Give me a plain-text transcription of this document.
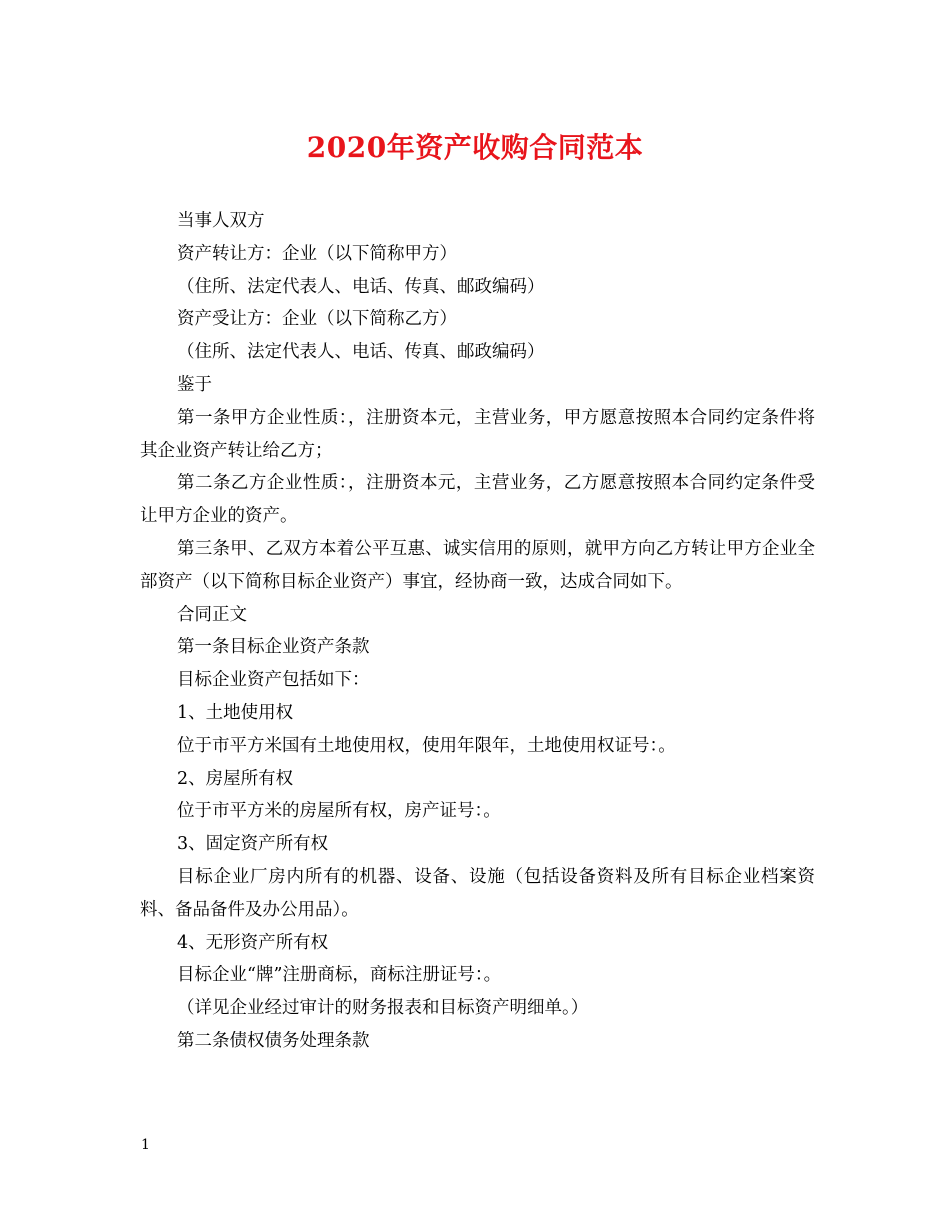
2020年资产收购合同范本

当事人双方

资产转让方：企业（以下简称甲方）

（住所、法定代表人、电话、传真、邮政编码）

资产受让方：企业（以下简称乙方）

（住所、法定代表人、电话、传真、邮政编码）

鉴于

第一条甲方企业性质：，注册资本元，主营业务，甲方愿意按照本合同约定条件将其企业资产转让给乙方；

第二条乙方企业性质：，注册资本元，主营业务，乙方愿意按照本合同约定条件受让甲方企业的资产。

第三条甲、乙双方本着公平互惠、诚实信用的原则，就甲方向乙方转让甲方企业全部资产（以下简称目标企业资产）事宜，经协商一致，达成合同如下。

合同正文

第一条目标企业资产条款

目标企业资产包括如下：

1、土地使用权

位于市平方米国有土地使用权，使用年限年，土地使用权证号：。

2、房屋所有权

位于市平方米的房屋所有权，房产证号：。

3、固定资产所有权

目标企业厂房内所有的机器、设备、设施（包括设备资料及所有目标企业档案资料、备品备件及办公用品）。

4、无形资产所有权

目标企业“牌”注册商标，商标注册证号：。

（详见企业经过审计的财务报表和目标资产明细单。）

第二条债权债务处理条款

1
